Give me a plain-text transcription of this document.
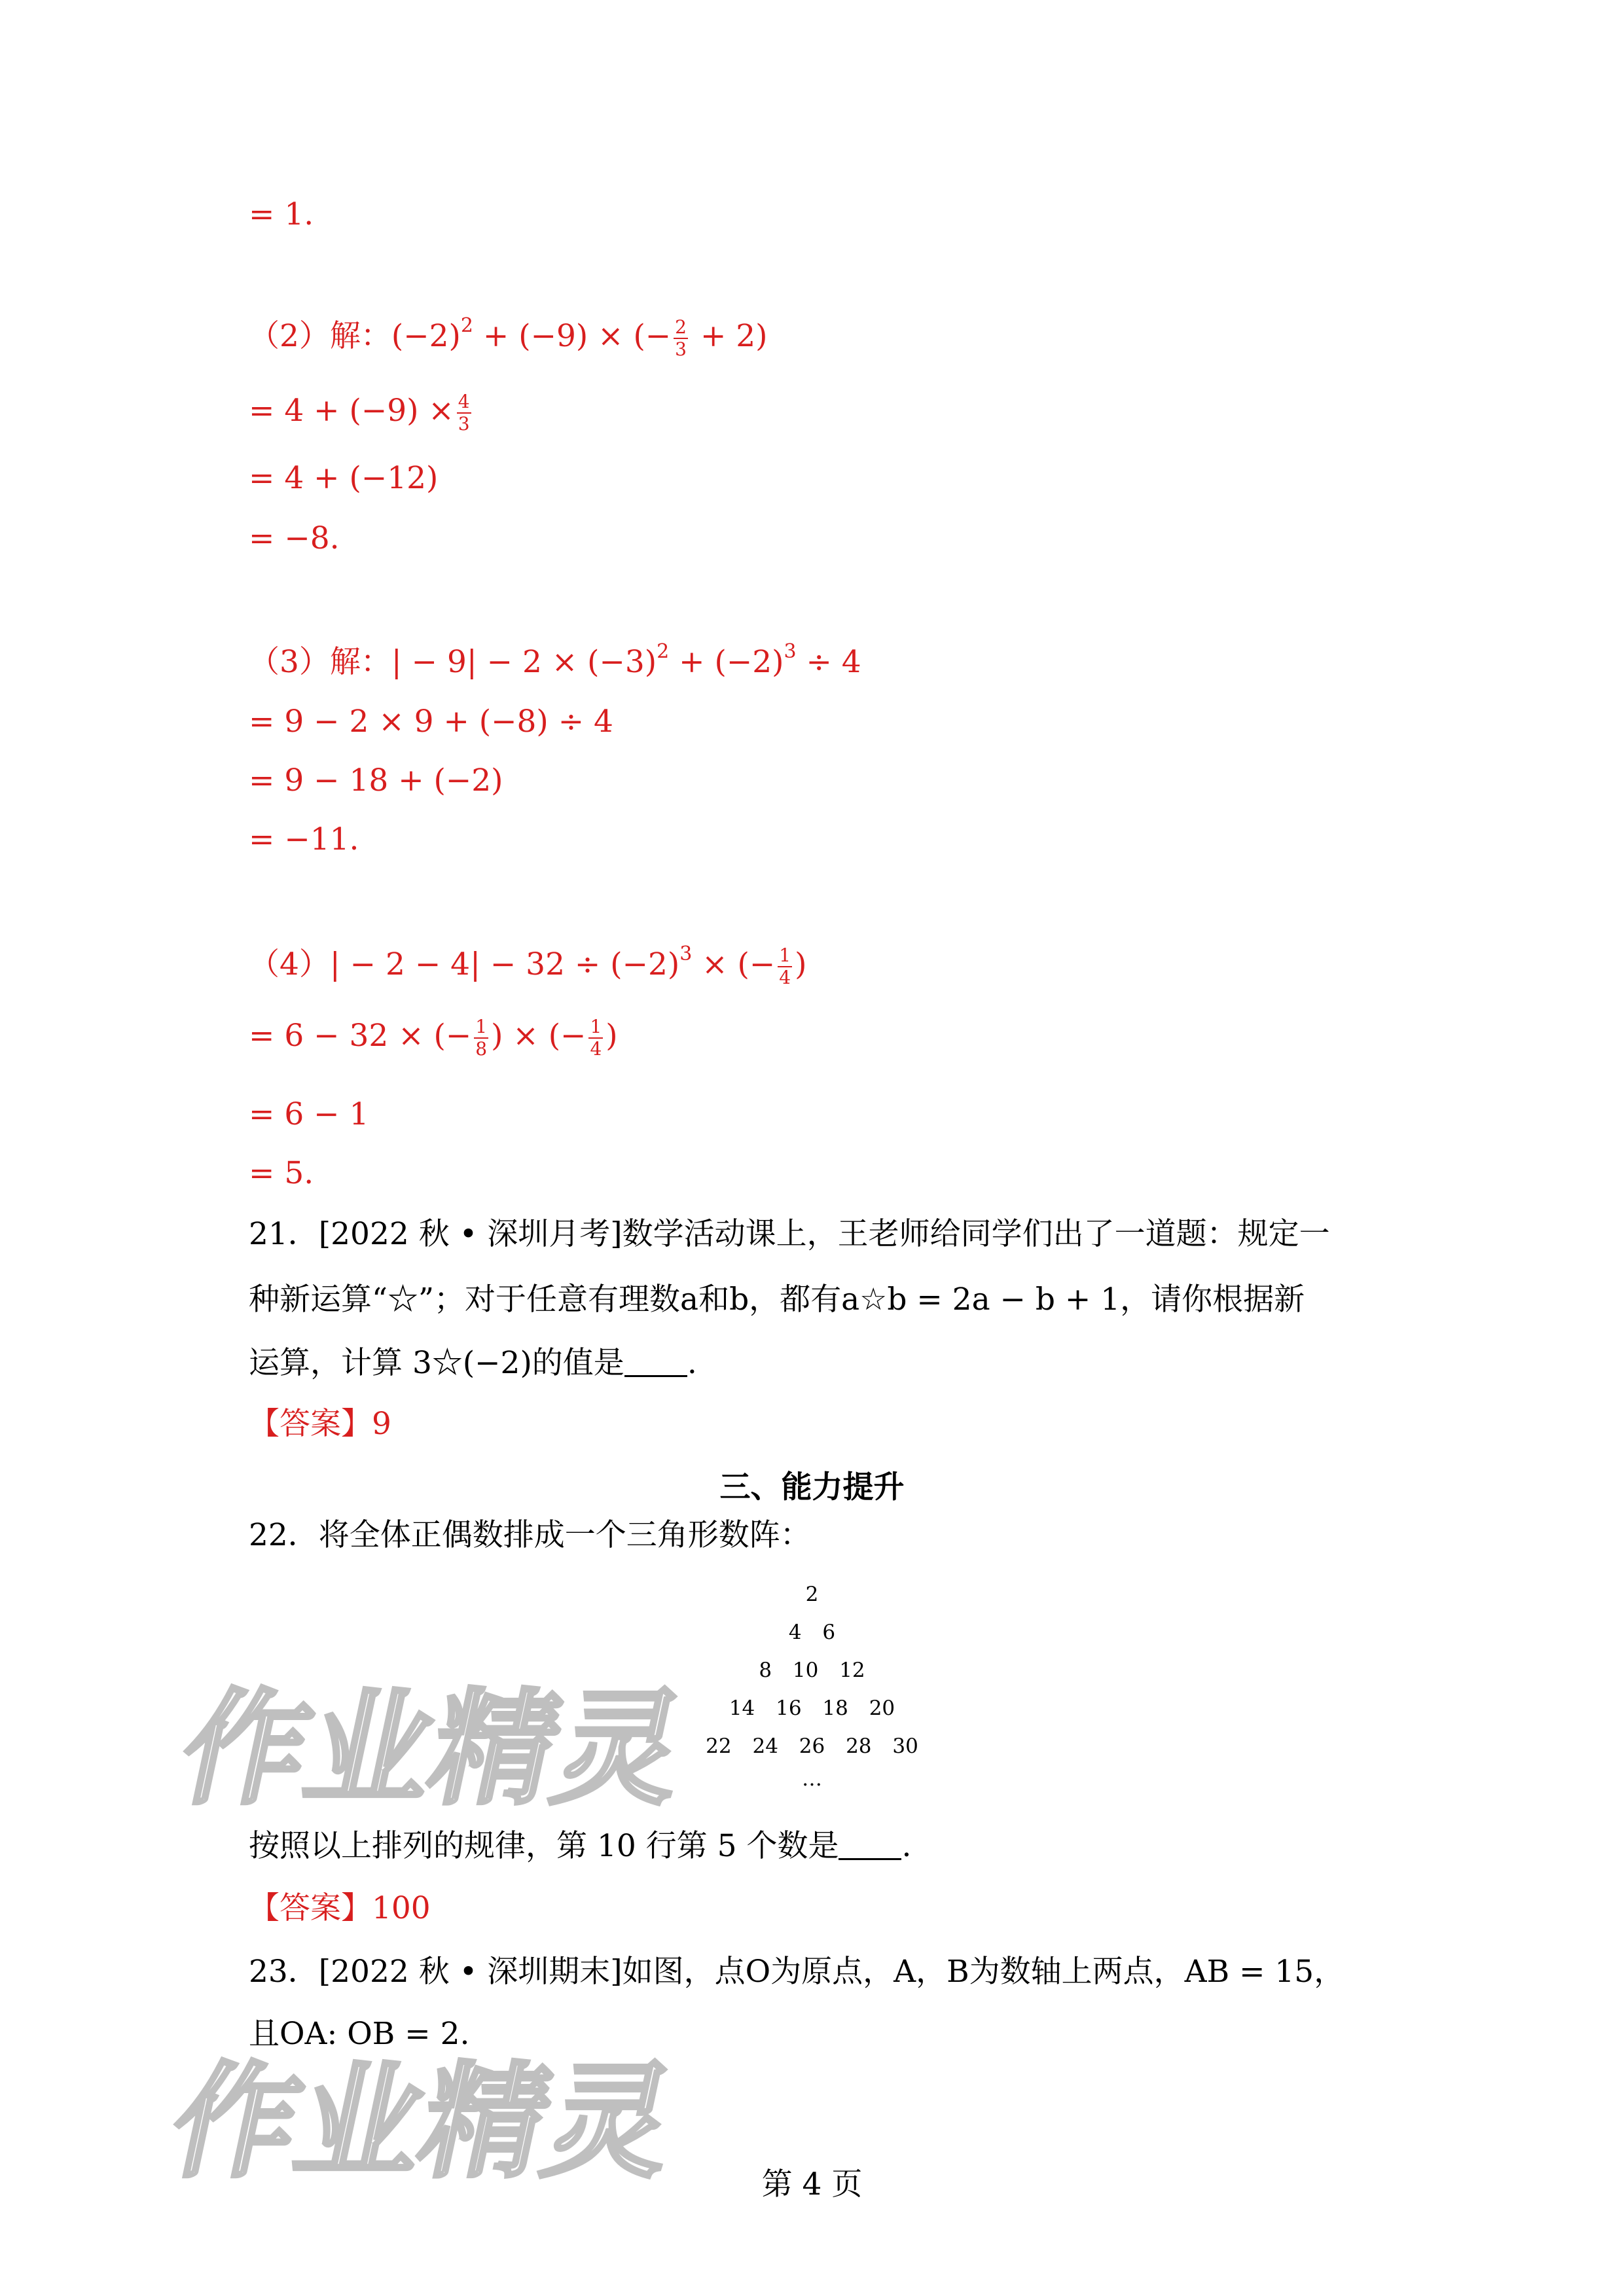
作业精灵
作业精灵

= 1.

（2）解：$(-2)^2 + (-9)$ × (− $\frac{2}{3} + 2$)

= $4 + (-9) \times \frac{4}{3}$

= 4 + (−12)

= −8.

（3）解：| − $9| - 2 \times (-3)^2 + (-2)^3 \div 4$

= 9 − 2 × 9 + (−8) ÷ 4

= 9 − 18 + (−2)

= −11.

$(4)| - 2 - 4| - 32 \div (-2)^3$ × (− $\frac{1}{4}$ )

= 6 − 32 × (− $\frac{1}{8}$ ) × (− $\frac{1}{4}$ )

= 6 − 1

= 5.

21．[2022 秋 • 深圳月考]数学活动课上，王老师给同学们出了一道题：规定一

种新运算“☆”；对于任意有理数a和b，都有a☆b = 2a − b + 1，请你根据新

运算，计算 3☆(−2)的值是 .

【答案】9

三、能力提升

22．将全体正偶数排成一个三角形数阵：

2

4 6

8 10 12

14 16 18 20

22 24 26 28 30

…

按照以上排列的规律，第 10 行第 5 个数是 .

【答案】100

23．[2022 秋 • 深圳期末]如图，点O为原点，A，B为数轴上两点，AB = 15，

且OA: OB = 2.

第 4 页
